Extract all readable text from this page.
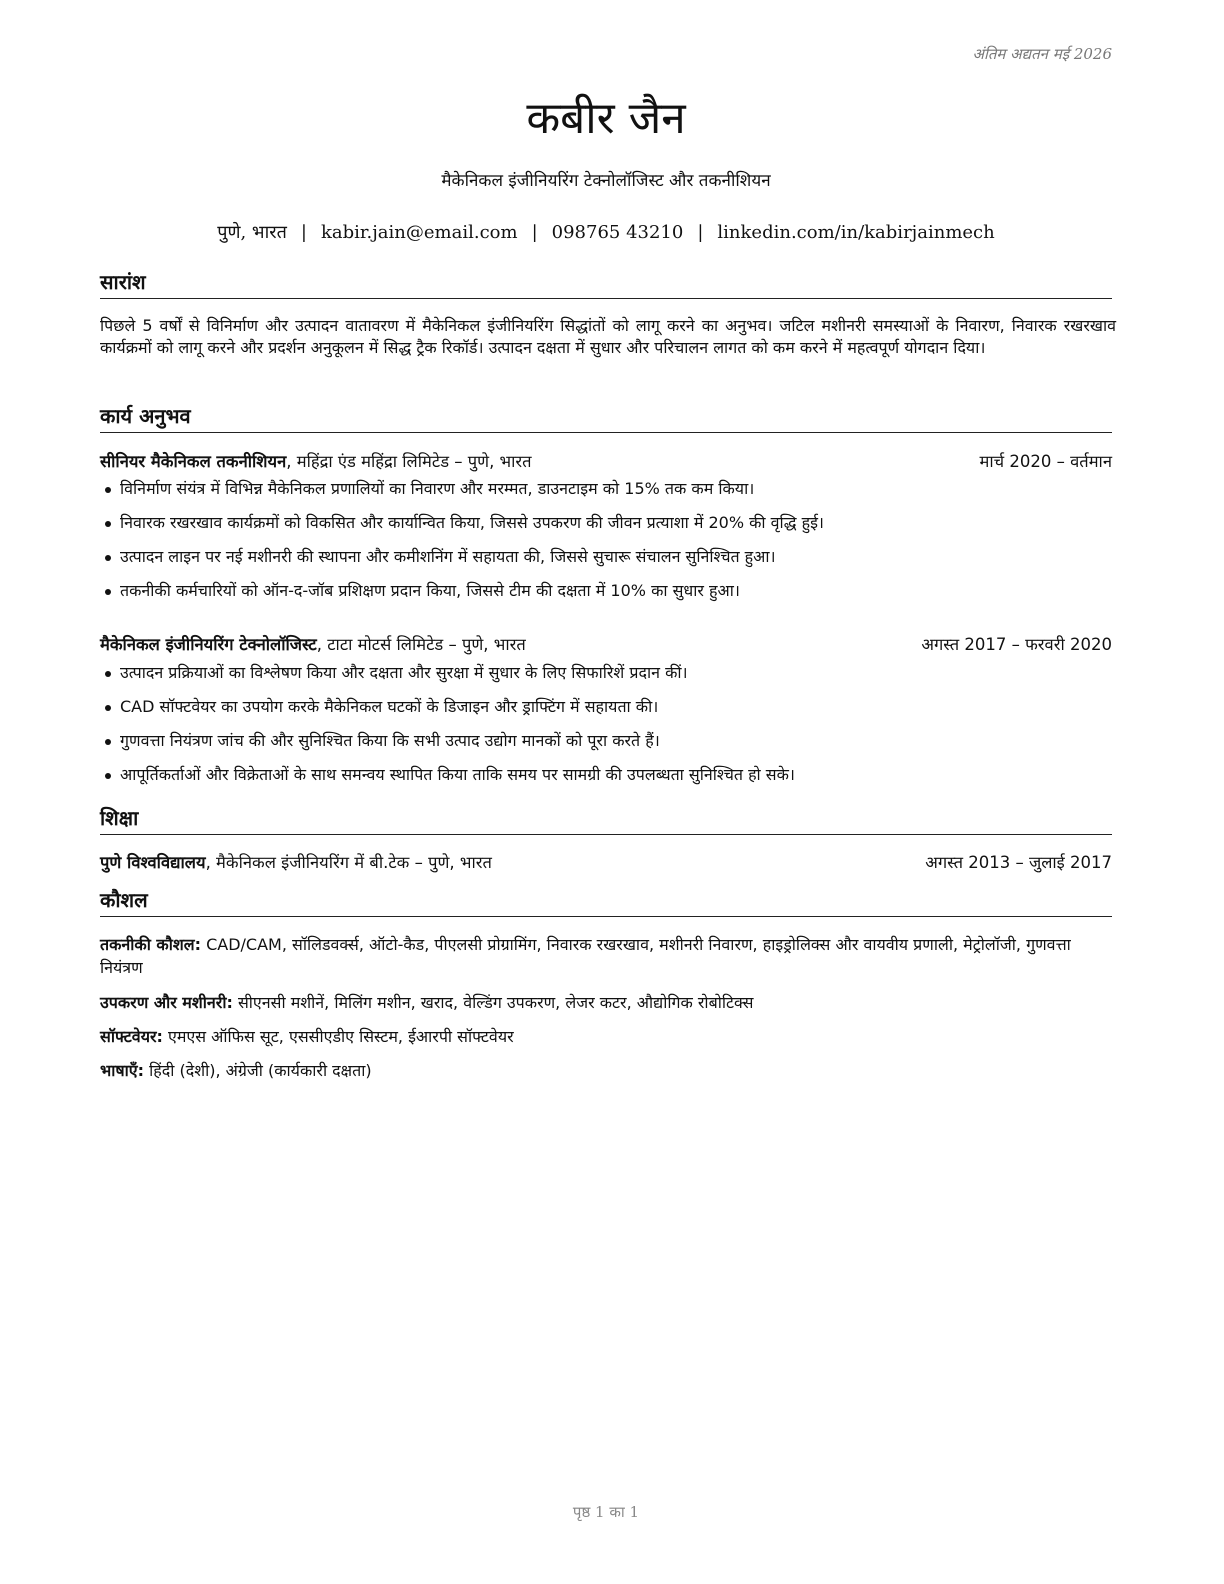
अंतिम अद्यतन मई 2026
कबीर जैन
मैकेनिकल इंजीनियरिंग टेक्नोलॉजिस्ट और तकनीशियन
पुणे, भारत | kabir.jain@email.com | 098765 43210 | linkedin.com/in/kabirjainmech
सारांश
पिछले 5 वर्षों से विनिर्माण और उत्पादन वातावरण में मैकेनिकल इंजीनियरिंग सिद्धांतों को लागू करने का अनुभव। जटिल मशीनरी समस्याओं के निवारण, निवारक रखरखाव कार्यक्रमों को लागू करने और प्रदर्शन अनुकूलन में सिद्ध ट्रैक रिकॉर्ड। उत्पादन दक्षता में सुधार और परिचालन लागत को कम करने में महत्वपूर्ण योगदान दिया।
कार्य अनुभव
सीनियर मैकेनिकल तकनीशियन, महिंद्रा एंड महिंद्रा लिमिटेड – पुणे, भारत	मार्च 2020 – वर्तमान
विनिर्माण संयंत्र में विभिन्न मैकेनिकल प्रणालियों का निवारण और मरम्मत, डाउनटाइम को 15% तक कम किया।
निवारक रखरखाव कार्यक्रमों को विकसित और कार्यान्वित किया, जिससे उपकरण की जीवन प्रत्याशा में 20% की वृद्धि हुई।
उत्पादन लाइन पर नई मशीनरी की स्थापना और कमीशनिंग में सहायता की, जिससे सुचारू संचालन सुनिश्चित हुआ।
तकनीकी कर्मचारियों को ऑन-द-जॉब प्रशिक्षण प्रदान किया, जिससे टीम की दक्षता में 10% का सुधार हुआ।
मैकेनिकल इंजीनियरिंग टेक्नोलॉजिस्ट, टाटा मोटर्स लिमिटेड – पुणे, भारत	अगस्त 2017 – फरवरी 2020
उत्पादन प्रक्रियाओं का विश्लेषण किया और दक्षता और सुरक्षा में सुधार के लिए सिफारिशें प्रदान कीं।
CAD सॉफ्टवेयर का उपयोग करके मैकेनिकल घटकों के डिजाइन और ड्राफ्टिंग में सहायता की।
गुणवत्ता नियंत्रण जांच की और सुनिश्चित किया कि सभी उत्पाद उद्योग मानकों को पूरा करते हैं।
आपूर्तिकर्ताओं और विक्रेताओं के साथ समन्वय स्थापित किया ताकि समय पर सामग्री की उपलब्धता सुनिश्चित हो सके।
शिक्षा
पुणे विश्वविद्यालय, मैकेनिकल इंजीनियरिंग में बी.टेक – पुणे, भारत	अगस्त 2013 – जुलाई 2017
कौशल
तकनीकी कौशल: CAD/CAM, सॉलिडवर्क्स, ऑटो-कैड, पीएलसी प्रोग्रामिंग, निवारक रखरखाव, मशीनरी निवारण, हाइड्रोलिक्स और वायवीय प्रणाली, मेट्रोलॉजी, गुणवत्ता नियंत्रण
उपकरण और मशीनरी: सीएनसी मशीनें, मिलिंग मशीन, खराद, वेल्डिंग उपकरण, लेजर कटर, औद्योगिक रोबोटिक्स
सॉफ्टवेयर: एमएस ऑफिस सूट, एससीएडीए सिस्टम, ईआरपी सॉफ्टवेयर
भाषाएँ: हिंदी (देशी), अंग्रेजी (कार्यकारी दक्षता)
पृष्ठ 1 का 1
